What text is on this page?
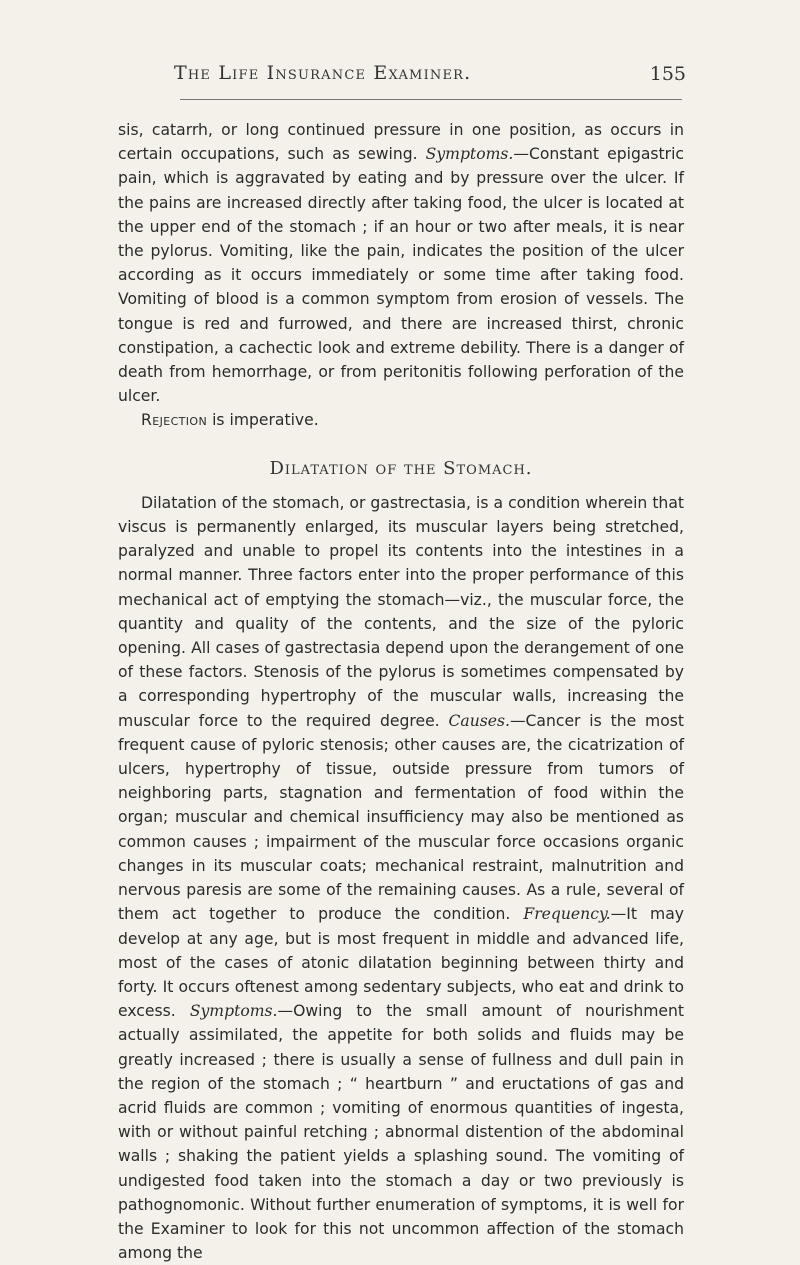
The Life Insurance Examiner.	155

sis, catarrh, or long continued pressure in one position, as occurs in certain occupations, such as sewing. Symptoms.—Constant epigastric pain, which is aggravated by eating and by pressure over the ulcer. If the pains are increased directly after taking food, the ulcer is located at the upper end of the stomach ; if an hour or two after meals, it is near the pylorus. Vomiting, like the pain, indicates the position of the ulcer according as it occurs immediately or some time after taking food. Vomiting of blood is a common symptom from erosion of vessels. The tongue is red and furrowed, and there are increased thirst, chronic constipation, a cachectic look and extreme debility. There is a danger of death from hemorrhage, or from peritonitis following perforation of the ulcer.

Rejection is imperative.

Dilatation of the Stomach.

Dilatation of the stomach, or gastrectasia, is a condition wherein that viscus is permanently enlarged, its muscular layers being stretched, paralyzed and unable to propel its contents into the intestines in a normal manner. Three factors enter into the proper performance of this mechanical act of emptying the stomach—viz., the muscular force, the quantity and quality of the contents, and the size of the pyloric opening. All cases of gastrectasia depend upon the derangement of one of these factors. Stenosis of the pylorus is sometimes compensated by a corresponding hypertrophy of the muscular walls, increasing the muscular force to the required degree. Causes.—Cancer is the most frequent cause of pyloric stenosis; other causes are, the cicatrization of ulcers, hypertrophy of tissue, outside pressure from tumors of neighboring parts, stagnation and fermentation of food within the organ; muscular and chemical insufficiency may also be mentioned as common causes ; impairment of the muscular force occasions organic changes in its muscular coats; mechanical restraint, malnutrition and nervous paresis are some of the remaining causes. As a rule, several of them act together to produce the condition. Frequency.—It may develop at any age, but is most frequent in middle and advanced life, most of the cases of atonic dilatation beginning between thirty and forty. It occurs oftenest among sedentary subjects, who eat and drink to excess. Symptoms.—Owing to the small amount of nourishment actually assimilated, the appetite for both solids and fluids may be greatly increased ; there is usually a sense of fullness and dull pain in the region of the stomach ; “ heartburn ” and eructations of gas and acrid fluids are common ; vomiting of enormous quantities of ingesta, with or without painful retching ; abnormal distention of the abdominal walls ; shaking the patient yields a splashing sound. The vomiting of undigested food taken into the stomach a day or two previously is pathognomonic. Without further enumeration of symptoms, it is well for the Examiner to look for this not uncommon affection of the stomach among the
